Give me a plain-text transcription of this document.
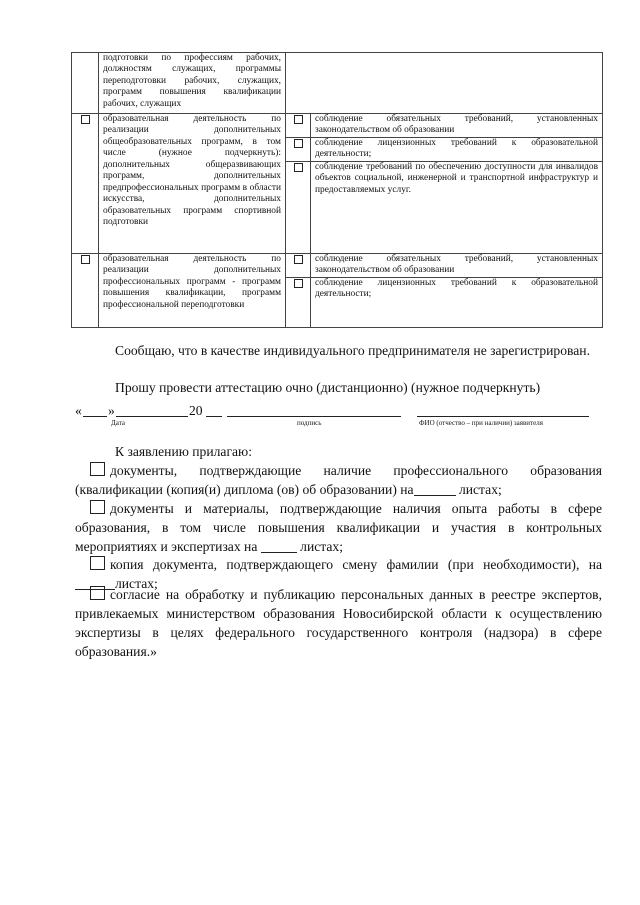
	подготовки по профессиям рабочих, должностям служащих, программы переподготовки рабочих, служащих, программ повышения квалификации рабочих, служащих		
	образовательная деятельность по реализации дополнительных общеобразовательных программ, в том числе (нужное подчеркнуть): дополнительных общеразвивающих программ, дополнительных предпрофессиональных программ в области искусства, дополнительных образовательных программ спортивной подготовки		соблюдение обязательных требований, установленных законодательством об образовании
			соблюдение лицензионных требований к образовательной деятельности;
			соблюдение требований по обеспечению доступности для инвалидов объектов социальной, инженерной и транспортной инфраструктур и предоставляемых услуг.
	образовательная деятельность по реализации дополнительных профессиональных программ - программ повышения квалификации, программ профессиональной переподготовки		соблюдение обязательных требований, установленных законодательством об образовании
			соблюдение лицензионных требований к образовательной деятельности;
Сообщаю, что в качестве индивидуального предпринимателя не зарегистрирован.
Прошу провести аттестацию очно (дистанционно) (нужное подчеркнуть)
« »	20
Дата	подпись	ФИО (отчество – при наличии) заявителя
К заявлению прилагаю:
документы, подтверждающие наличие профессионального образования (квалификации (копия(и) диплома (ов) об образовании) на	листах;
документы и материалы, подтверждающие наличия опыта работы в сфере образования, в том числе повышения квалификации и участия в контрольных мероприятиях и экспертизах на	листах;
копия документа, подтверждающего смену фамилии (при необходимости), на листах;
согласие на обработку и публикацию персональных данных в реестре экспертов, привлекаемых министерством образования Новосибирской области к осуществлению экспертизы в целях федерального государственного контроля (надзора) в сфере образования.»
